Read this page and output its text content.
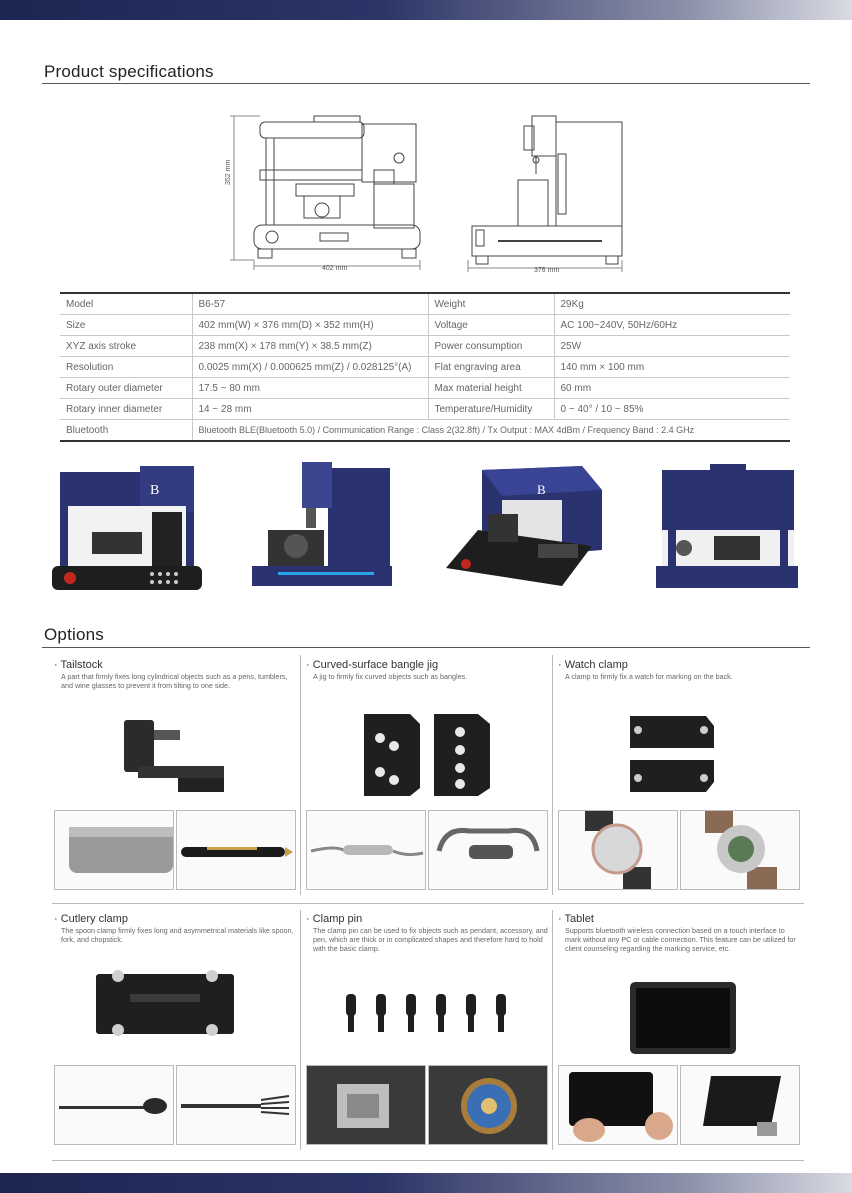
Product specifications
352 mm
402 mm	376 mm
Model	B6-57	Weight	29Kg
Size	402 mm(W) × 376 mm(D) × 352 mm(H)	Voltage	AC 100~240V, 50Hz/60Hz
XYZ axis stroke	238 mm(X) × 178 mm(Y) × 38.5 mm(Z)	Power consumption	25W
Resolution	0.0025 mm(X) / 0.000625 mm(Z) / 0.028125°(A)	Flat engraving area	140 mm × 100 mm
Rotary outer diameter	17.5 ~ 80 mm	Max material height	60 mm
Rotary inner diameter	14 ~ 28 mm	Temperature/Humidity	0 ~ 40° / 10 ~ 85%
Bluetooth	Bluetooth BLE(Bluetooth 5.0) / Communication Range : Class 2(32.8ft) / Tx Output : MAX 4dBm / Frequency Band : 2.4 GHz		
B	B
Options
· Tailstock
A part that firmly fixes long cylindrical objects such as a pens, tumblers, and wine glasses to prevent it from tilting to one side.
· Curved-surface bangle jig
A jig to firmly fix curved objects such as bangles.
· Watch clamp
A clamp to firmly fix a watch for marking on the back.
· Cutlery clamp
The spoon clamp firmly fixes long and asymmetrical materials like spoon, fork, and chopstick.
· Clamp pin
The clamp pin can be used to fix objects such as pendant, accessory, and pen, which are thick or in complicated shapes and therefore hard to hold with the basic clamp.
· Tablet
Supports bluetooth wireless connection based on a touch interface to mark without any PC or cable connection. This feature can be utilized for client counseling regarding the marking service, etc.
